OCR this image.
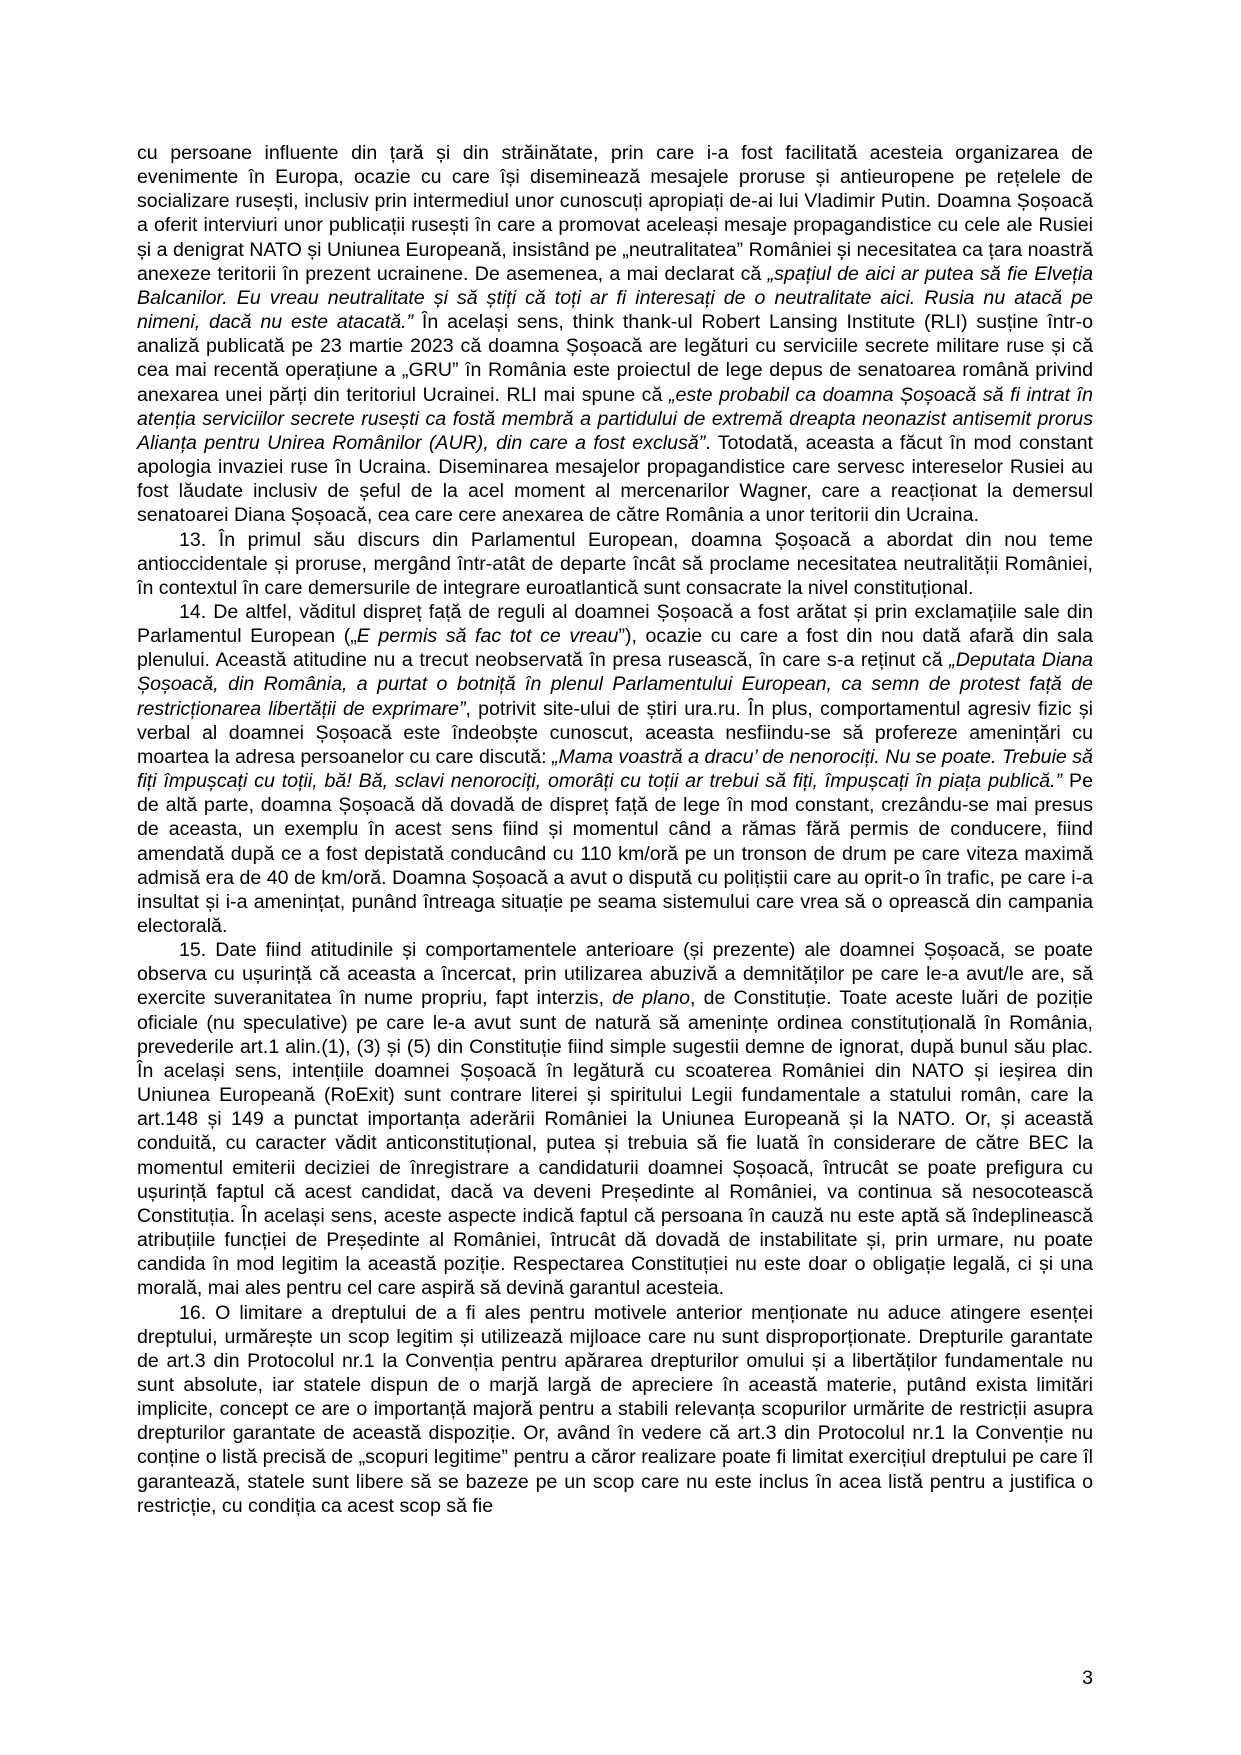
cu persoane influente din țară și din străinătate, prin care i-a fost facilitată acesteia organizarea de evenimente în Europa, ocazie cu care își diseminează mesajele proruse și antieuropene pe rețelele de socializare rusești, inclusiv prin intermediul unor cunoscuți apropiați de-ai lui Vladimir Putin. Doamna Șoșoacă a oferit interviuri unor publicații rusești în care a promovat aceleași mesaje propagandistice cu cele ale Rusiei și a denigrat NATO și Uniunea Europeană, insistând pe „neutralitatea” României și necesitatea ca țara noastră anexeze teritorii în prezent ucrainene. De asemenea, a mai declarat că „spațiul de aici ar putea să fie Elveția Balcanilor. Eu vreau neutralitate și să știți că toți ar fi interesați de o neutralitate aici. Rusia nu atacă pe nimeni, dacă nu este atacată.” În același sens, think thank-ul Robert Lansing Institute (RLI) susține într-o analiză publicată pe 23 martie 2023 că doamna Șoșoacă are legături cu serviciile secrete militare ruse și că cea mai recentă operațiune a „GRU” în România este proiectul de lege depus de senatoarea română privind anexarea unei părți din teritoriul Ucrainei. RLI mai spune că „este probabil ca doamna Șoșoacă să fi intrat în atenția serviciilor secrete rusești ca fostă membră a partidului de extremă dreapta neonazist antisemit prorus Alianța pentru Unirea Românilor (AUR), din care a fost exclusă”. Totodată, aceasta a făcut în mod constant apologia invaziei ruse în Ucraina. Diseminarea mesajelor propagandistice care servesc intereselor Rusiei au fost lăudate inclusiv de șeful de la acel moment al mercenarilor Wagner, care a reacționat la demersul senatoarei Diana Șoșoacă, cea care cere anexarea de către România a unor teritorii din Ucraina.

13. În primul său discurs din Parlamentul European, doamna Șoșoacă a abordat din nou teme antioccidentale și proruse, mergând într-atât de departe încât să proclame necesitatea neutralității României, în contextul în care demersurile de integrare euroatlantică sunt consacrate la nivel constituțional.

14. De altfel, văditul dispreț față de reguli al doamnei Șoșoacă a fost arătat și prin exclamațiile sale din Parlamentul European („E permis să fac tot ce vreau”), ocazie cu care a fost din nou dată afară din sala plenului. Această atitudine nu a trecut neobservată în presa rusească, în care s-a reținut că „Deputata Diana Șoșoacă, din România, a purtat o botniță în plenul Parlamentului European, ca semn de protest față de restricționarea libertății de exprimare”, potrivit site-ului de știri ura.ru. În plus, comportamentul agresiv fizic și verbal al doamnei Șoșoacă este îndeobște cunoscut, aceasta nesfiindu-se să profereze amenințări cu moartea la adresa persoanelor cu care discută: „Mama voastră a dracu’ de nenorociți. Nu se poate. Trebuie să fiți împușcați cu toții, bă! Bă, sclavi nenorociți, omorâți cu toții ar trebui să fiți, împușcați în piața publică.” Pe de altă parte, doamna Șoșoacă dă dovadă de dispreț față de lege în mod constant, crezându-se mai presus de aceasta, un exemplu în acest sens fiind și momentul când a rămas fără permis de conducere, fiind amendată după ce a fost depistată conducând cu 110 km/oră pe un tronson de drum pe care viteza maximă admisă era de 40 de km/oră. Doamna Șoșoacă a avut o dispută cu polițiștii care au oprit-o în trafic, pe care i-a insultat și i-a amenințat, punând întreaga situație pe seama sistemului care vrea să o oprească din campania electorală.

15. Date fiind atitudinile și comportamentele anterioare (și prezente) ale doamnei Șoșoacă, se poate observa cu ușurință că aceasta a încercat, prin utilizarea abuzivă a demnităților pe care le-a avut/le are, să exercite suveranitatea în nume propriu, fapt interzis, de plano, de Constituție. Toate aceste luări de poziție oficiale (nu speculative) pe care le-a avut sunt de natură să amenințe ordinea constituțională în România, prevederile art.1 alin.(1), (3) și (5) din Constituție fiind simple sugestii demne de ignorat, după bunul său plac. În același sens, intențiile doamnei Șoșoacă în legătură cu scoaterea României din NATO și ieșirea din Uniunea Europeană (RoExit) sunt contrare literei și spiritului Legii fundamentale a statului român, care la art.148 și 149 a punctat importanța aderării României la Uniunea Europeană și la NATO. Or, și această conduită, cu caracter vădit anticonstituțional, putea și trebuia să fie luată în considerare de către BEC la momentul emiterii deciziei de înregistrare a candidaturii doamnei Șoșoacă, întrucât se poate prefigura cu ușurință faptul că acest candidat, dacă va deveni Președinte al României, va continua să nesocotească Constituția. În același sens, aceste aspecte indică faptul că persoana în cauză nu este aptă să îndeplinească atribuțiile funcției de Președinte al României, întrucât dă dovadă de instabilitate și, prin urmare, nu poate candida în mod legitim la această poziție. Respectarea Constituției nu este doar o obligație legală, ci și una morală, mai ales pentru cel care aspiră să devină garantul acesteia.

16. O limitare a dreptului de a fi ales pentru motivele anterior menționate nu aduce atingere esenței dreptului, urmărește un scop legitim și utilizează mijloace care nu sunt disproporționate. Drepturile garantate de art.3 din Protocolul nr.1 la Convenția pentru apărarea drepturilor omului și a libertăților fundamentale nu sunt absolute, iar statele dispun de o marjă largă de apreciere în această materie, putând exista limitări implicite, concept ce are o importanță majoră pentru a stabili relevanța scopurilor urmărite de restricții asupra drepturilor garantate de această dispoziție. Or, având în vedere că art.3 din Protocolul nr.1 la Convenție nu conține o listă precisă de „scopuri legitime” pentru a căror realizare poate fi limitat exercițiul dreptului pe care îl garantează, statele sunt libere să se bazeze pe un scop care nu este inclus în acea listă pentru a justifica o restricție, cu condiția ca acest scop să fie

3
